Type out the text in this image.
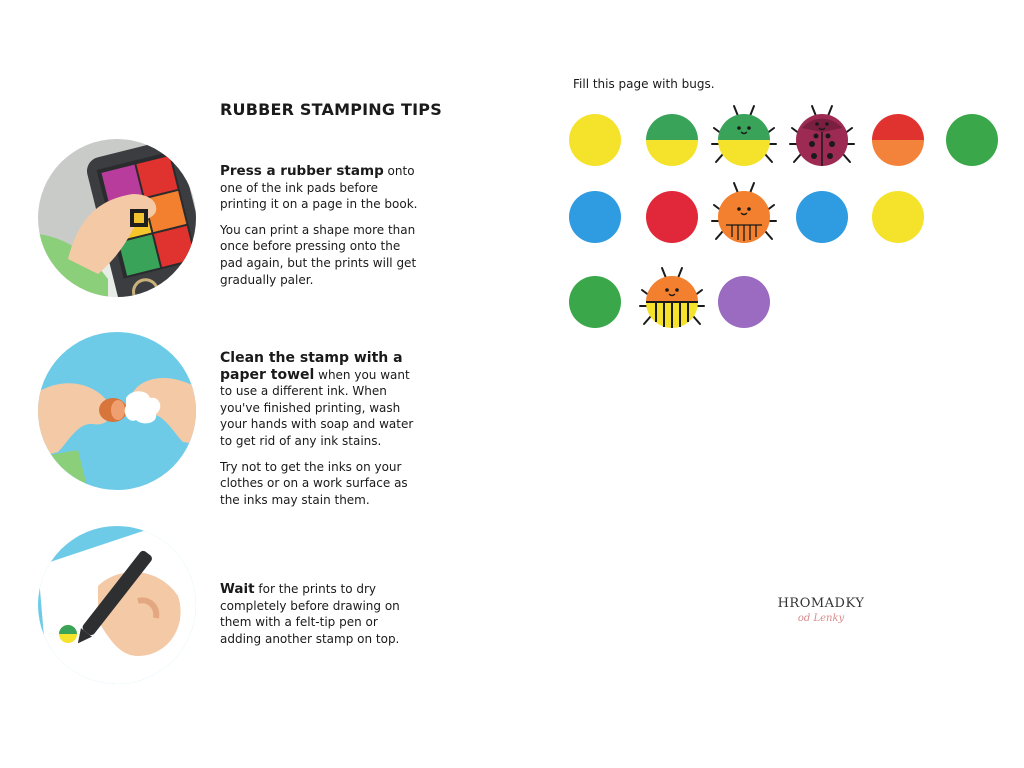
RUBBER STAMPING TIPS

Press a rubber stamp onto one of the ink pads before printing it on a page in the book.

You can print a shape more than once before pressing onto the pad again, but the prints will get gradually paler.

Clean the stamp with a paper towel when you want to use a different ink. When you've finished printing, wash your hands with soap and water to get rid of any ink stains.

Try not to get the inks on your clothes or on a work surface as the inks may stain them.

Wait for the prints to dry completely before drawing on them with a felt-tip pen or adding another stamp on top.

Fill this page with bugs.
HROMADKY
od Lenky
